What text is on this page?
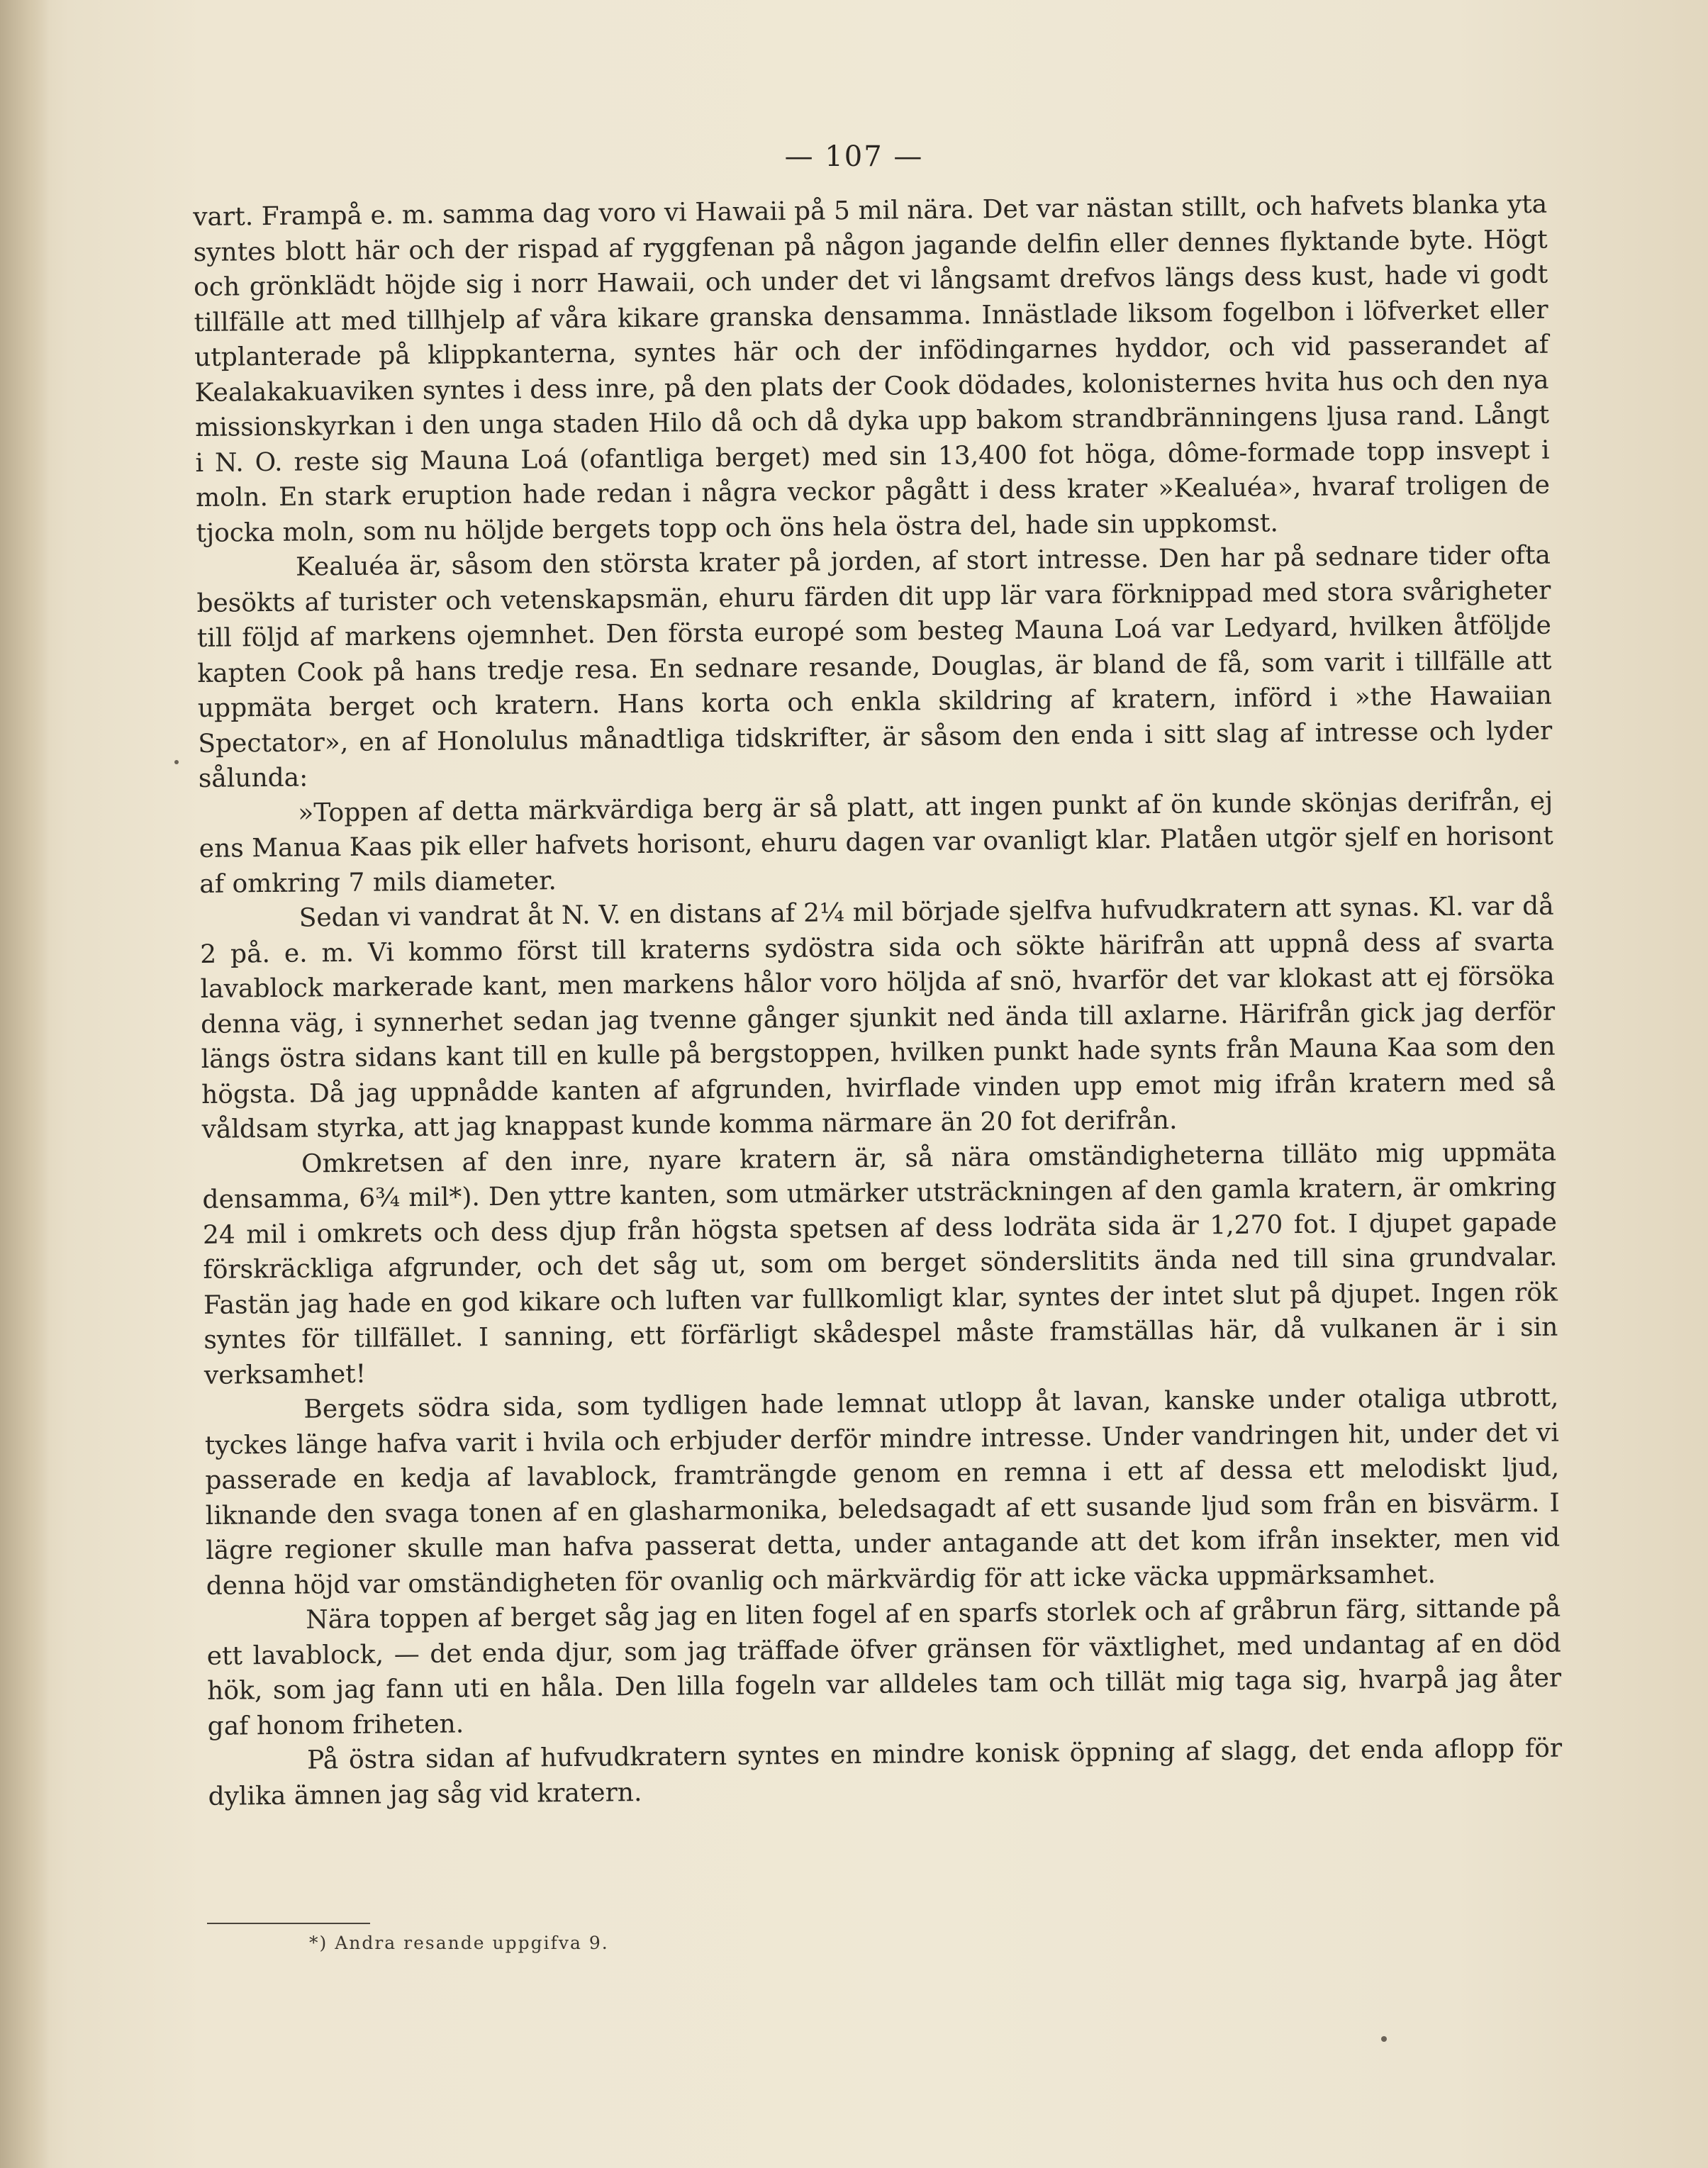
— 107 —

vart. Frampå e. m. samma dag voro vi Hawaii på 5 mil nära. Det var nästan stillt, och hafvets blanka yta syntes blott här och der rispad af ryggfenan på någon jagande delfin eller dennes flyktande byte. Högt och grönklädt höjde sig i norr Hawaii, och under det vi långsamt drefvos längs dess kust, hade vi godt tillfälle att med tillhjelp af våra kikare granska densamma. Innästlade liksom fogelbon i löfverket eller utplanterade på klippkanterna, syntes här och der infödingarnes hyddor, och vid passerandet af Kealakakuaviken syntes i dess inre, på den plats der Cook dödades, kolonisternes hvita hus och den nya missionskyrkan i den unga staden Hilo då och då dyka upp bakom strandbränningens ljusa rand. Långt i N. O. reste sig Mauna Loá (ofantliga berget) med sin 13,400 fot höga, dôme-formade topp insvept i moln. En stark eruption hade redan i några veckor pågått i dess krater »Kealuéa», hvaraf troligen de tjocka moln, som nu höljde bergets topp och öns hela östra del, hade sin uppkomst.

Kealuéa är, såsom den största krater på jorden, af stort intresse. Den har på sednare tider ofta besökts af turister och vetenskapsmän, ehuru färden dit upp lär vara förknippad med stora svårigheter till följd af markens ojemnhet. Den första europé som besteg Mauna Loá var Ledyard, hvilken åtföljde kapten Cook på hans tredje resa. En sednare resande, Douglas, är bland de få, som varit i tillfälle att uppmäta berget och kratern. Hans korta och enkla skildring af kratern, införd i »the Hawaiian Spectator», en af Honolulus månadtliga tidskrifter, är såsom den enda i sitt slag af intresse och lyder sålunda:

»Toppen af detta märkvärdiga berg är så platt, att ingen punkt af ön kunde skönjas derifrån, ej ens Manua Kaas pik eller hafvets horisont, ehuru dagen var ovanligt klar. Platåen utgör sjelf en horisont af omkring 7 mils diameter.

Sedan vi vandrat åt N. V. en distans af 2¼ mil började sjelfva hufvudkratern att synas. Kl. var då 2 på. e. m. Vi kommo först till kraterns sydöstra sida och sökte härifrån att uppnå dess af svarta lavablock markerade kant, men markens hålor voro höljda af snö, hvarför det var klokast att ej försöka denna väg, i synnerhet sedan jag tvenne gånger sjunkit ned ända till axlarne. Härifrån gick jag derför längs östra sidans kant till en kulle på bergstoppen, hvilken punkt hade synts från Mauna Kaa som den högsta. Då jag uppnådde kanten af afgrunden, hvirflade vinden upp emot mig ifrån kratern med så våldsam styrka, att jag knappast kunde komma närmare än 20 fot derifrån.

Omkretsen af den inre, nyare kratern är, så nära omständigheterna tilläto mig uppmäta densamma, 6¾ mil*). Den yttre kanten, som utmärker utsträckningen af den gamla kratern, är omkring 24 mil i omkrets och dess djup från högsta spetsen af dess lodräta sida är 1,270 fot. I djupet gapade förskräckliga afgrunder, och det såg ut, som om berget sönderslitits ända ned till sina grundvalar. Fastän jag hade en god kikare och luften var fullkomligt klar, syntes der intet slut på djupet. Ingen rök syntes för tillfället. I sanning, ett förfärligt skådespel måste framställas här, då vulkanen är i sin verksamhet!

Bergets södra sida, som tydligen hade lemnat utlopp åt lavan, kanske under otaliga utbrott, tyckes länge hafva varit i hvila och erbjuder derför mindre intresse. Under vandringen hit, under det vi passerade en kedja af lavablock, framträngde genom en remna i ett af dessa ett melodiskt ljud, liknande den svaga tonen af en glasharmonika, beledsagadt af ett susande ljud som från en bisvärm. I lägre regioner skulle man hafva passerat detta, under antagande att det kom ifrån insekter, men vid denna höjd var omständigheten för ovanlig och märkvärdig för att icke väcka uppmärksamhet.

Nära toppen af berget såg jag en liten fogel af en sparfs storlek och af gråbrun färg, sittande på ett lavablock, — det enda djur, som jag träffade öfver gränsen för växtlighet, med undantag af en död hök, som jag fann uti en håla. Den lilla fogeln var alldeles tam och tillät mig taga sig, hvarpå jag åter gaf honom friheten.

På östra sidan af hufvudkratern syntes en mindre konisk öppning af slagg, det enda aflopp för dylika ämnen jag såg vid kratern.

*) Andra resande uppgifva 9.
